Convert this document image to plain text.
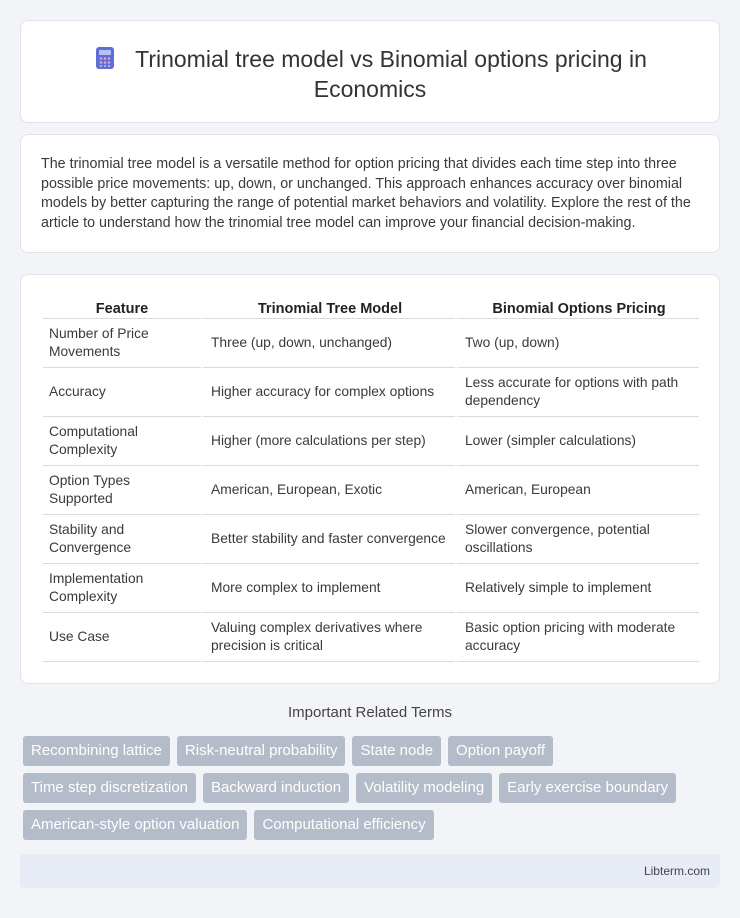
Trinomial tree model vs Binomial options pricing in Economics

The trinomial tree model is a versatile method for option pricing that divides each time step into three possible price movements: up, down, or unchanged. This approach enhances accuracy over binomial models by better capturing the range of potential market behaviors and volatility. Explore the rest of the article to understand how the trinomial tree model can improve your financial decision-making.

Feature	Trinomial Tree Model	Binomial Options Pricing
Number of Price Movements	Three (up, down, unchanged)	Two (up, down)
Accuracy	Higher accuracy for complex options	Less accurate for options with path dependency
Computational Complexity	Higher (more calculations per step)	Lower (simpler calculations)
Option Types Supported	American, European, Exotic	American, European
Stability and Convergence	Better stability and faster convergence	Slower convergence, potential oscillations
Implementation Complexity	More complex to implement	Relatively simple to implement
Use Case	Valuing complex derivatives where precision is critical	Basic option pricing with moderate accuracy
Important Related Terms
Recombining lattice	Risk-neutral probability	State node	Option payoff
Time step discretization	Backward induction	Volatility modeling	Early exercise boundary
American-style option valuation	Computational efficiency
Libterm.com
